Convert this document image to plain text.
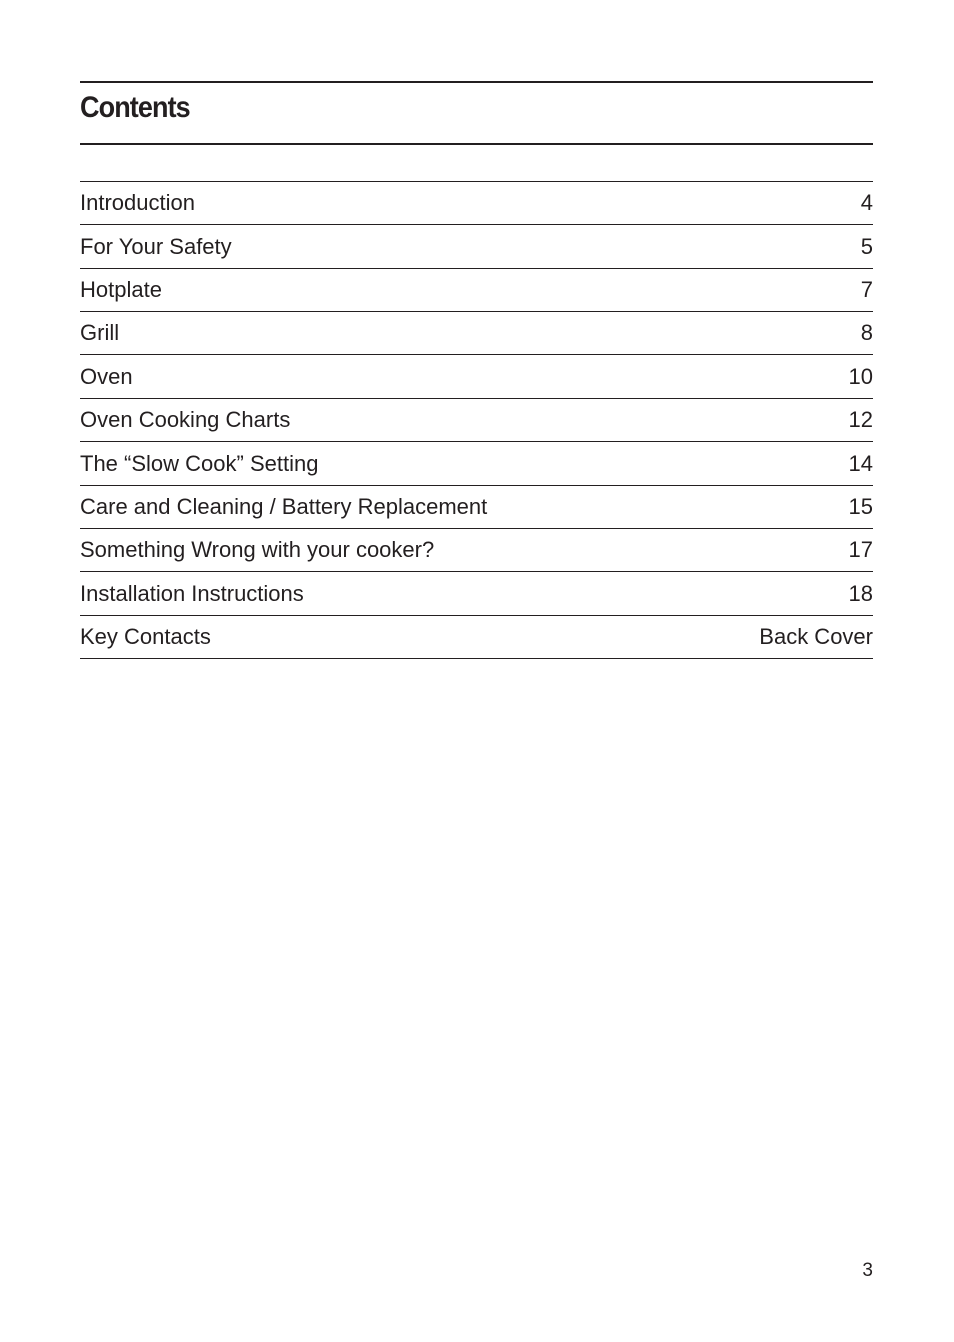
Contents
Introduction	4
For Your Safety	5
Hotplate	7
Grill	8
Oven	10
Oven Cooking Charts	12
The “Slow Cook” Setting	14
Care and Cleaning / Battery Replacement	15
Something Wrong with your cooker?	17
Installation Instructions	18
Key Contacts	Back Cover
3
